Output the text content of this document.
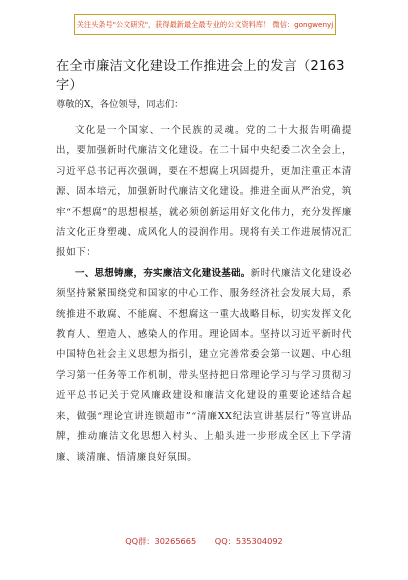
关注头条号"公文研究"，获得最新最全最专业的公文资料库！ 微信：gongwenyj
在全市廉洁文化建设工作推进会上的发言（2163字）
尊敬的X，各位领导，同志们：

文化是一个国家、一个民族的灵魂。党的二十大报告明确提出，要加强新时代廉洁文化建设。在二十届中央纪委二次全会上，习近平总书记再次强调，要在不想腐上巩固提升，更加注重正本清源、固本培元，加强新时代廉洁文化建设。推进全面从严治党，筑牢“不想腐”的思想根基，就必须创新运用好文化伟力，充分发挥廉洁文化正身塑魂、成风化人的浸润作用。现将有关工作进展情况汇报如下：

一、思想铸廉，夯实廉洁文化建设基础。新时代廉洁文化建设必须坚持紧紧围绕党和国家的中心工作、服务经济社会发展大局，系统推进不敢腐、不能腐、不想腐这一重大战略目标，切实发挥文化教育人、塑造人、感染人的作用。理论固本。坚持以习近平新时代中国特色社会主义思想为指引，建立完善常委会第一议题、中心组学习第一任务等工作机制，带头坚持把日常理论学习与学习贯彻习近平总书记关于党风廉政建设和廉洁文化建设的重要论述结合起来，做强“理论宣讲连锁超市”“清廉XX纪法宣讲基层行”等宣讲品牌，推动廉洁文化思想入村头、上船头进一步形成全区上下学清廉、谈清廉、悟清廉良好氛围。

QQ群：30265665 QQ：535304092
